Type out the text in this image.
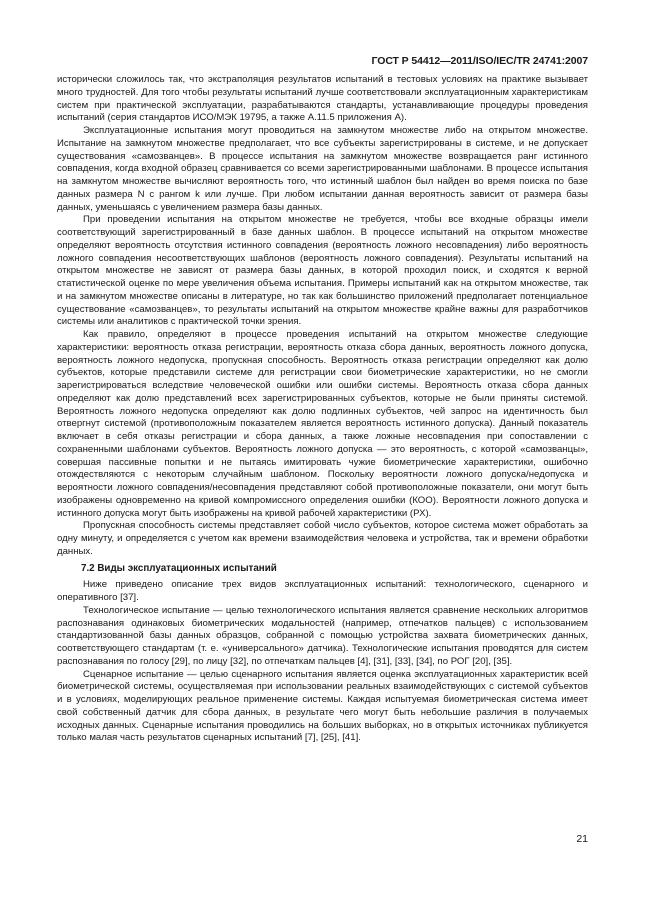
ГОСТ Р 54412—2011/ISO/IEC/TR 24741:2007

исторически сложилось так, что экстраполяция результатов испытаний в тестовых условиях на практике вызывает много трудностей. Для того чтобы результаты испытаний лучше соответствовали эксплуатационным характеристикам систем при практической эксплуатации, разрабатываются стандарты, устанавливающие процедуры проведения испытаний (серия стандартов ИСО/МЭК 19795, а также А.11.5 приложения А).

Эксплуатационные испытания могут проводиться на замкнутом множестве либо на открытом множестве. Испытание на замкнутом множестве предполагает, что все субъекты зарегистрированы в системе, и не допускает существования «самозванцев». В процессе испытания на замкнутом множестве возвращается ранг истинного совпадения, когда входной образец сравнивается со всеми зарегистрированными шаблонами. В процессе испытания на замкнутом множестве вычисляют вероятность того, что истинный шаблон был найден во время поиска по базе данных размера N с рангом k или лучше. При любом испытании данная вероятность зависит от размера базы данных, уменьшаясь с увеличением размера базы данных.

При проведении испытания на открытом множестве не требуется, чтобы все входные образцы имели соответствующий зарегистрированный в базе данных шаблон. В процессе испытаний на открытом множестве определяют вероятность отсутствия истинного совпадения (вероятность ложного несовпадения) либо вероятность ложного совпадения несоответствующих шаблонов (вероятность ложного совпадения). Результаты испытаний на открытом множестве не зависят от размера базы данных, в которой проходил поиск, и сходятся к верной статистической оценке по мере увеличения объема испытания. Примеры испытаний как на открытом множестве, так и на замкнутом множестве описаны в литературе, но так как большинство приложений предполагает потенциальное существование «самозванцев», то результаты испытаний на открытом множестве крайне важны для разработчиков системы или аналитиков с практической точки зрения.

Как правило, определяют в процессе проведения испытаний на открытом множестве следующие характеристики: вероятность отказа регистрации, вероятность отказа сбора данных, вероятность ложного допуска, вероятность ложного недопуска, пропускная способность. Вероятность отказа регистрации определяют как долю субъектов, которые представили системе для регистрации свои биометрические характеристики, но не смогли зарегистрироваться вследствие человеческой ошибки или ошибки системы. Вероятность отказа сбора данных определяют как долю представлений всех зарегистрированных субъектов, которые не были приняты системой. Вероятность ложного недопуска определяют как долю подлинных субъектов, чей запрос на идентичность был отвергнут системой (противоположным показателем является вероятность истинного допуска). Данный показатель включает в себя отказы регистрации и сбора данных, а также ложные несовпадения при сопоставлении с сохраненными шаблонами субъектов. Вероятность ложного допуска — это вероятность, с которой «самозванцы», совершая пассивные попытки и не пытаясь имитировать чужие биометрические характеристики, ошибочно отождествляются с некоторым случайным шаблоном. Поскольку вероятности ложного допуска/недопуска и вероятности ложного совпадения/несовпадения представляют собой противоположные показатели, они могут быть изображены одновременно на кривой компромиссного определения ошибки (КОО). Вероятности ложного допуска и истинного допуска могут быть изображены на кривой рабочей характеристики (РХ).

Пропускная способность системы представляет собой число субъектов, которое система может обработать за одну минуту, и определяется с учетом как времени взаимодействия человека и устройства, так и времени обработки данных.

7.2 Виды эксплуатационных испытаний

Ниже приведено описание трех видов эксплуатационных испытаний: технологического, сценарного и оперативного [37].

Технологическое испытание — целью технологического испытания является сравнение нескольких алгоритмов распознавания одинаковых биометрических модальностей (например, отпечатков пальцев) с использованием стандартизованной базы данных образцов, собранной с помощью устройства захвата биометрических данных, соответствующего стандартам (т. е. «универсального» датчика). Технологические испытания проводятся для систем распознавания по голосу [29], по лицу [32], по отпечаткам пальцев [4], [31], [33], [34], по РОГ [20], [35].

Сценарное испытание — целью сценарного испытания является оценка эксплуатационных характеристик всей биометрической системы, осуществляемая при использовании реальных взаимодействующих с системой субъектов и в условиях, моделирующих реальное применение системы. Каждая испытуемая биометрическая система имеет свой собственный датчик для сбора данных, в результате чего могут быть небольшие различия в получаемых исходных данных. Сценарные испытания проводились на больших выборках, но в открытых источниках публикуется только малая часть результатов сценарных испытаний [7], [25], [41].

21
